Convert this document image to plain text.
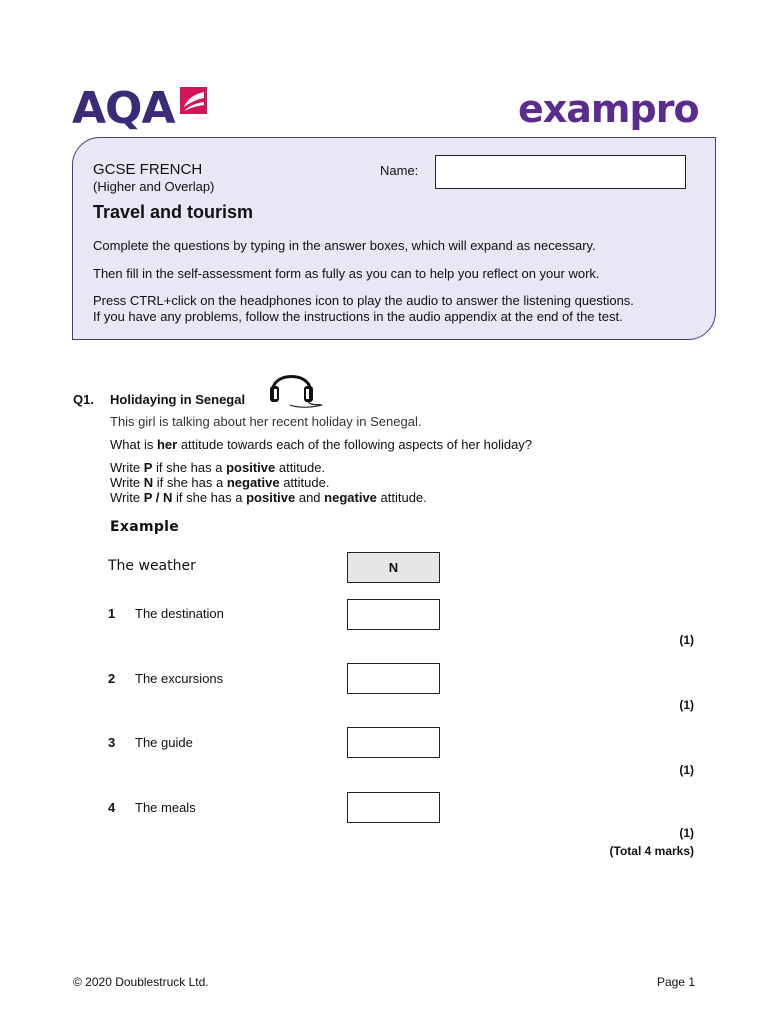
AQA	exampro
GCSE FRENCH
(Higher and Overlap)
Name:
Travel and tourism
Complete the questions by typing in the answer boxes, which will expand as necessary.
Then fill in the self-assessment form as fully as you can to help you reflect on your work.
Press CTRL+click on the headphones icon to play the audio to answer the listening questions.
If you have any problems, follow the instructions in the audio appendix at the end of the test.
Q1. Holidaying in Senegal
This girl is talking about her recent holiday in Senegal.
What is her attitude towards each of the following aspects of her holiday?
Write P if she has a positive attitude.
Write N if she has a negative attitude.
Write P / N if she has a positive and negative attitude.
Example
The weather	N
1 The destination
(1)
2 The excursions
(1)
3 The guide
(1)
4 The meals
(1)
(Total 4 marks)
© 2020 Doublestruck Ltd.	Page 1
